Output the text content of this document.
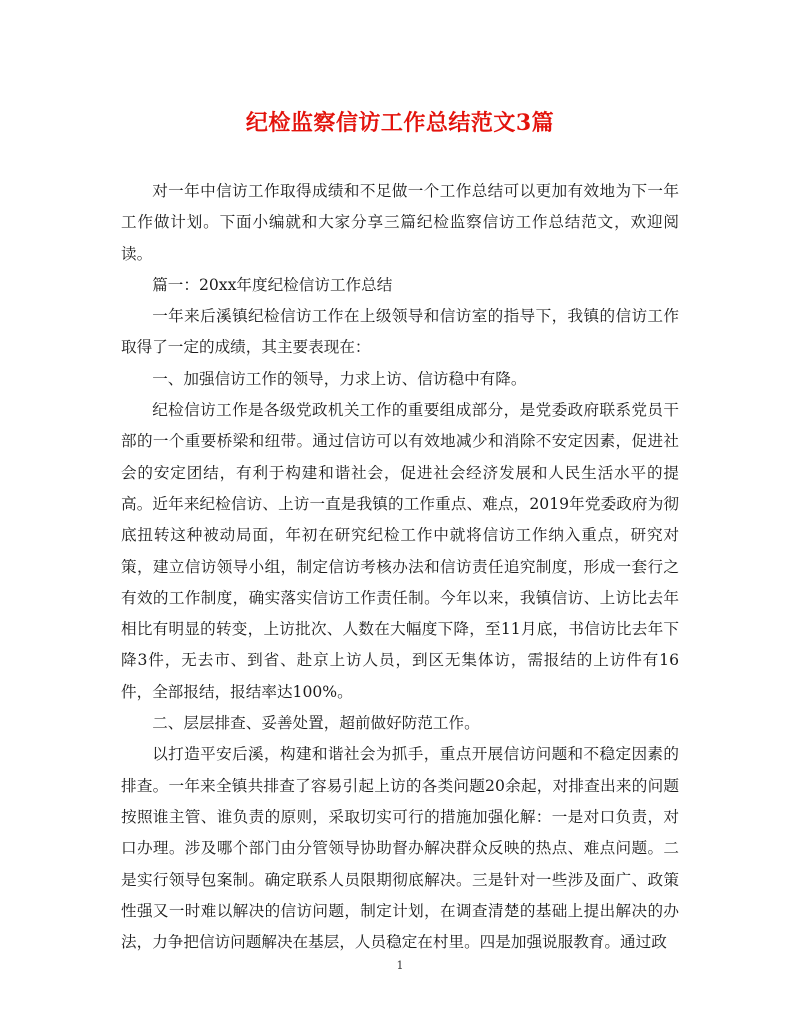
纪检监察信访工作总结范文3篇

对一年中信访工作取得成绩和不足做一个工作总结可以更加有效地为下一年工作做计划。下面小编就和大家分享三篇纪检监察信访工作总结范文，欢迎阅读。

篇一：20xx年度纪检信访工作总结

一年来后溪镇纪检信访工作在上级领导和信访室的指导下，我镇的信访工作取得了一定的成绩，其主要表现在：

一、加强信访工作的领导，力求上访、信访稳中有降。

纪检信访工作是各级党政机关工作的重要组成部分，是党委政府联系党员干部的一个重要桥梁和纽带。通过信访可以有效地减少和消除不安定因素，促进社会的安定团结，有利于构建和谐社会，促进社会经济发展和人民生活水平的提高。近年来纪检信访、上访一直是我镇的工作重点、难点，2019年党委政府为彻底扭转这种被动局面，年初在研究纪检工作中就将信访工作纳入重点，研究对策，建立信访领导小组，制定信访考核办法和信访责任追究制度，形成一套行之有效的工作制度，确实落实信访工作责任制。今年以来，我镇信访、上访比去年相比有明显的转变，上访批次、人数在大幅度下降，至11月底，书信访比去年下降3件，无去市、到省、赴京上访人员，到区无集体访，需报结的上访件有16件，全部报结，报结率达100%。

二、层层排查、妥善处置，超前做好防范工作。

以打造平安后溪，构建和谐社会为抓手，重点开展信访问题和不稳定因素的排查。一年来全镇共排查了容易引起上访的各类问题20余起，对排查出来的问题按照谁主管、谁负责的原则，采取切实可行的措施加强化解：一是对口负责，对口办理。涉及哪个部门由分管领导协助督办解决群众反映的热点、难点问题。二是实行领导包案制。确定联系人员限期彻底解决。三是针对一些涉及面广、政策性强又一时难以解决的信访问题，制定计划，在调查清楚的基础上提出解决的办法，力争把信访问题解决在基层，人员稳定在村里。四是加强说服教育。通过政

1
